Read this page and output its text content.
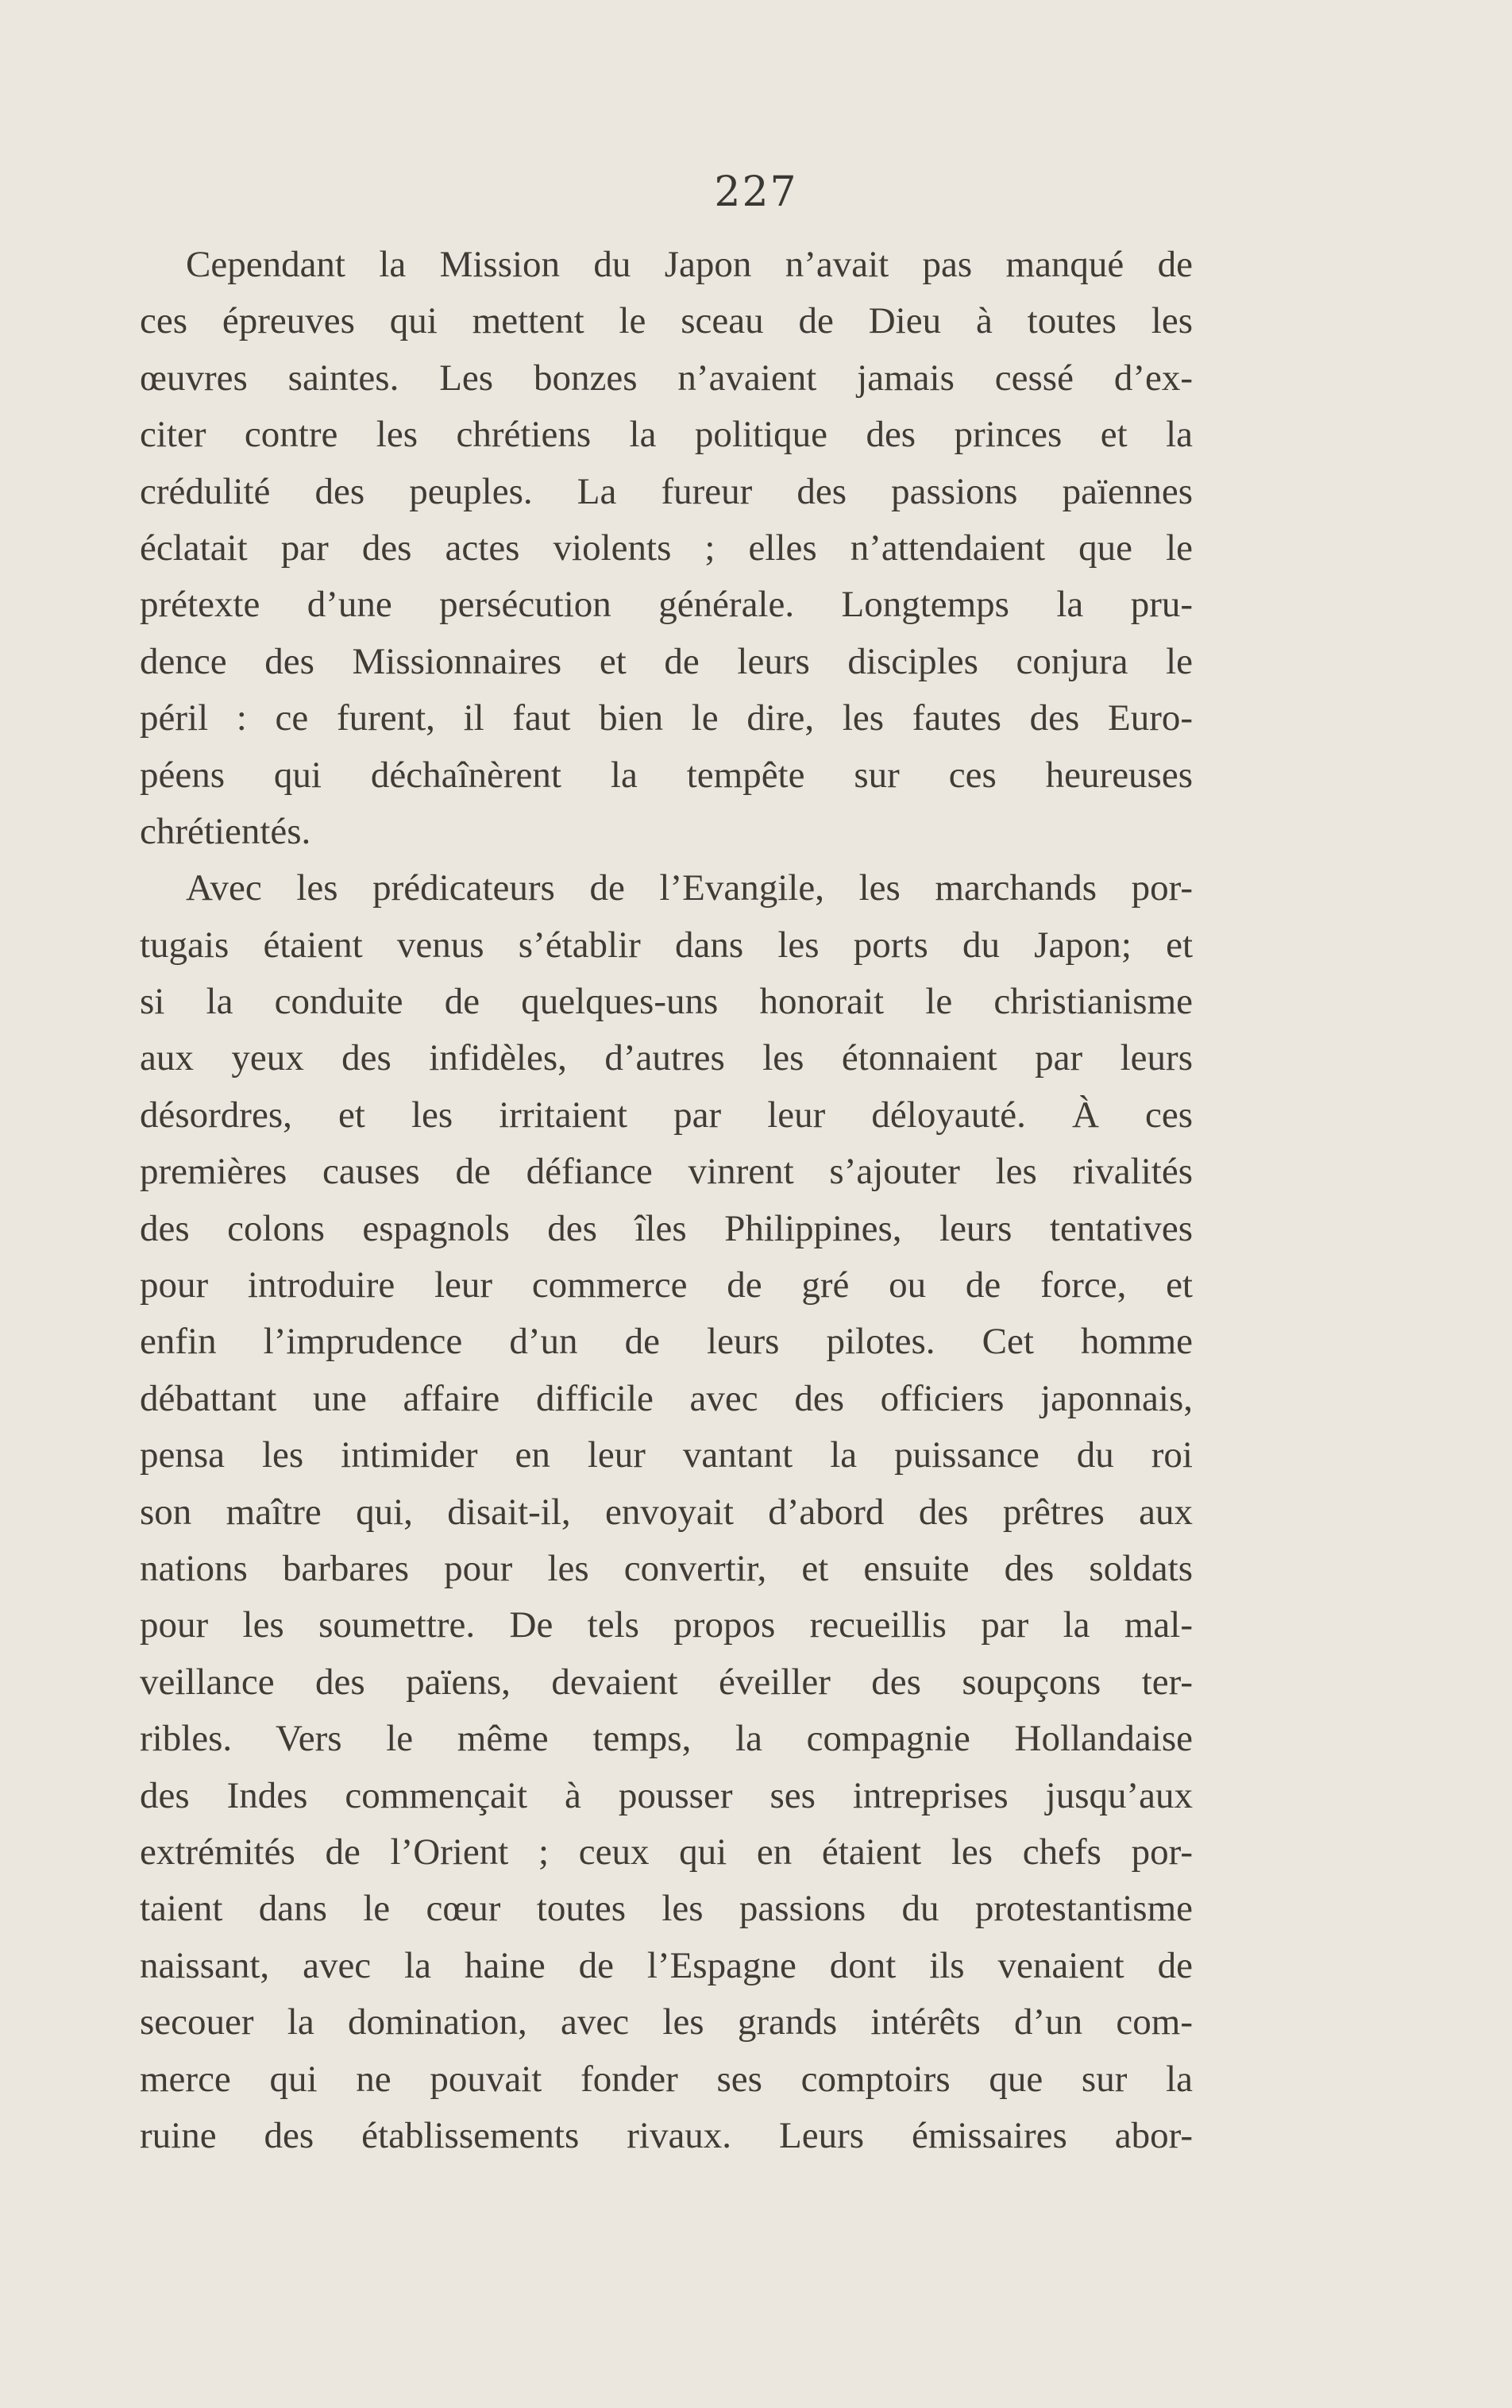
227
Cependant la Mission du Japon n’avait pas manqué de
ces épreuves qui mettent le sceau de Dieu à toutes les
œuvres saintes. Les bonzes n’avaient jamais cessé d’ex-
citer contre les chrétiens la politique des princes et la
crédulité des peuples. La fureur des passions païennes
éclatait par des actes violents ; elles n’attendaient que le
prétexte d’une persécution générale. Longtemps la pru-
dence des Missionnaires et de leurs disciples conjura le
péril : ce furent, il faut bien le dire, les fautes des Euro-
péens qui déchaînèrent la tempête sur ces heureuses
chrétientés.
Avec les prédicateurs de l’Evangile, les marchands por-
tugais étaient venus s’établir dans les ports du Japon; et
si la conduite de quelques-uns honorait le christianisme
aux yeux des infidèles, d’autres les étonnaient par leurs
désordres, et les irritaient par leur déloyauté. À ces
premières causes de défiance vinrent s’ajouter les rivalités
des colons espagnols des îles Philippines, leurs tentatives
pour introduire leur commerce de gré ou de force, et
enfin l’imprudence d’un de leurs pilotes. Cet homme
débattant une affaire difficile avec des officiers japonnais,
pensa les intimider en leur vantant la puissance du roi
son maître qui, disait-il, envoyait d’abord des prêtres aux
nations barbares pour les convertir, et ensuite des soldats
pour les soumettre. De tels propos recueillis par la mal-
veillance des païens, devaient éveiller des soupçons ter-
ribles. Vers le même temps, la compagnie Hollandaise
des Indes commençait à pousser ses intreprises jusqu’aux
extrémités de l’Orient ; ceux qui en étaient les chefs por-
taient dans le cœur toutes les passions du protestantisme
naissant, avec la haine de l’Espagne dont ils venaient de
secouer la domination, avec les grands intérêts d’un com-
merce qui ne pouvait fonder ses comptoirs que sur la
ruine des établissements rivaux. Leurs émissaires abor-
